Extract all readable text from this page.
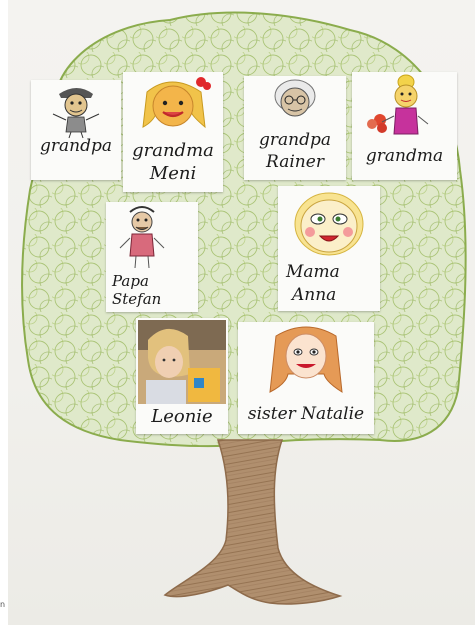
grandpa	grandma
Meni
grandpa
Rainer	grandma
Papa
Stefan
Mama
Anna
Leonie	sister Natalie
n
